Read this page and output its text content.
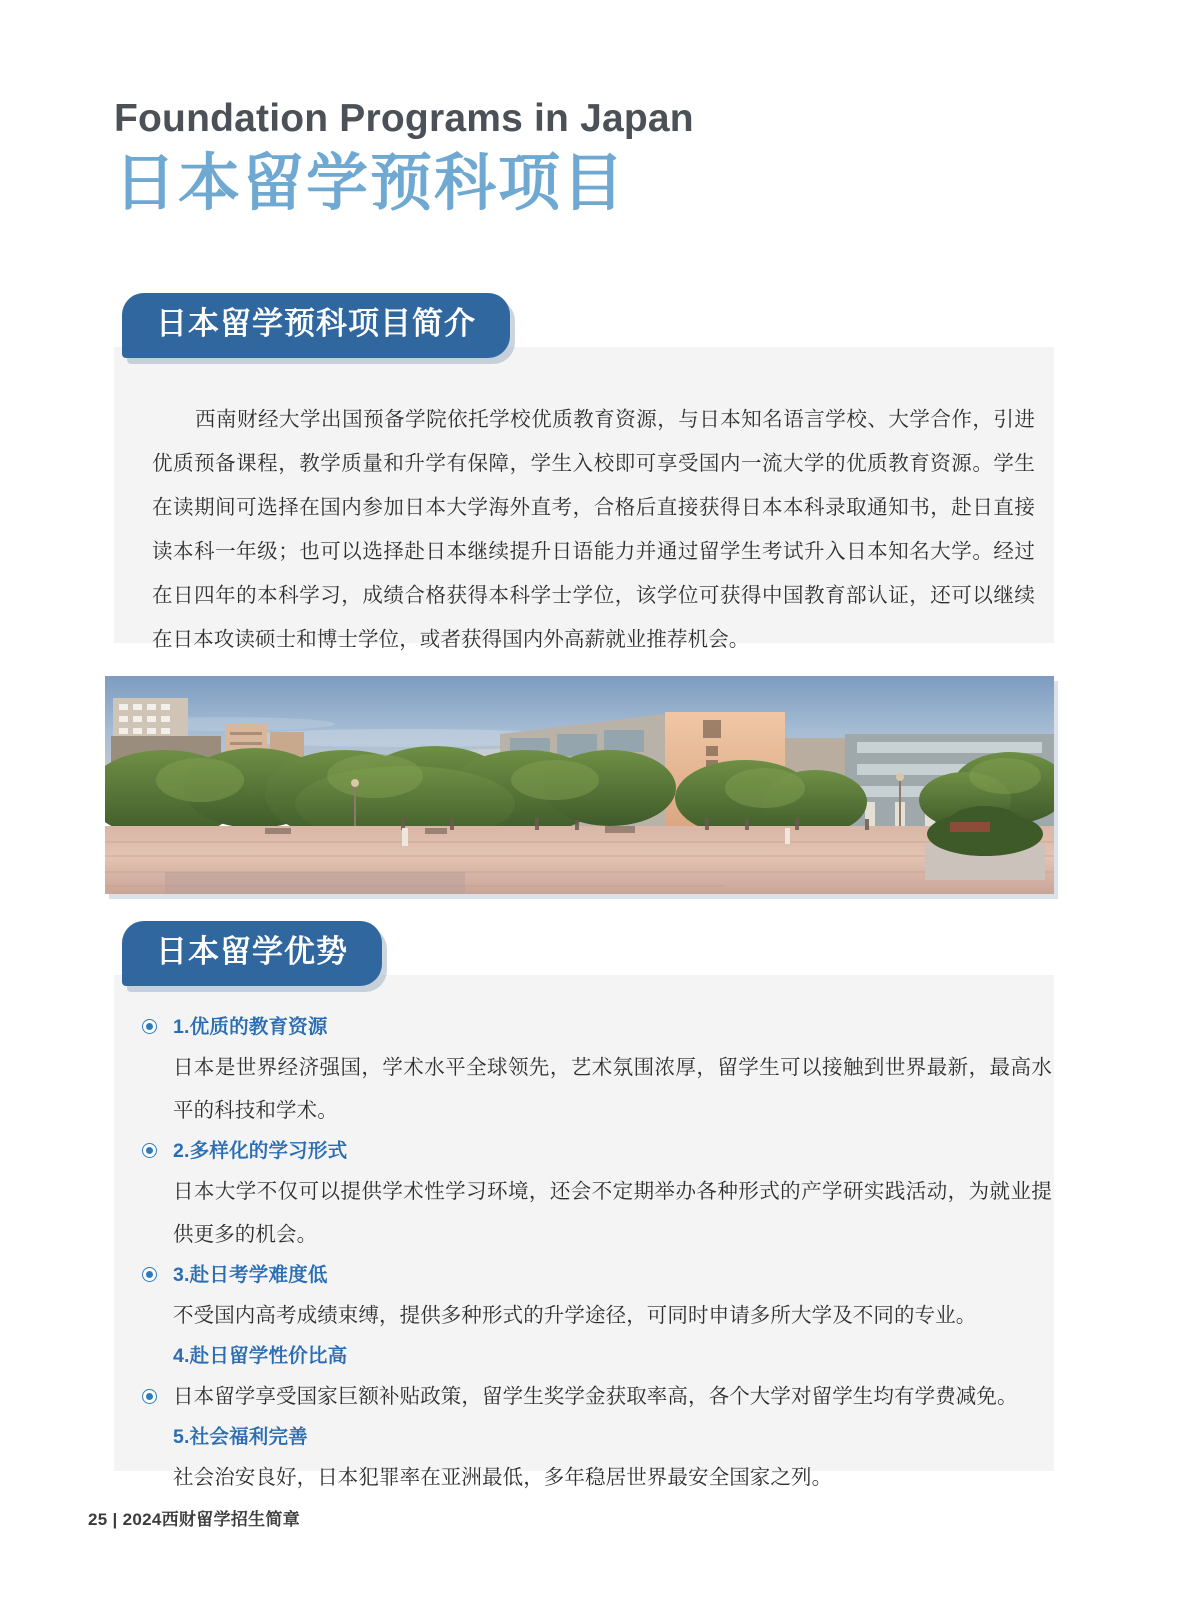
Foundation Programs in Japan
日本留学预科项目
日本留学预科项目简介

西南财经大学出国预备学院依托学校优质教育资源，与日本知名语言学校、大学合作，引进优质预备课程，教学质量和升学有保障，学生入校即可享受国内一流大学的优质教育资源。学生在读期间可选择在国内参加日本大学海外直考，合格后直接获得日本本科录取通知书，赴日直接读本科一年级；也可以选择赴日本继续提升日语能力并通过留学生考试升入日本知名大学。经过在日四年的本科学习，成绩合格获得本科学士学位，该学位可获得中国教育部认证，还可以继续在日本攻读硕士和博士学位，或者获得国内外高薪就业推荐机会。

日本留学优势
1.优质的教育资源
日本是世界经济强国，学术水平全球领先，艺术氛围浓厚，留学生可以接触到世界最新，最高水平的科技和学术。
2.多样化的学习形式
日本大学不仅可以提供学术性学习环境，还会不定期举办各种形式的产学研实践活动，为就业提供更多的机会。
3.赴日考学难度低
不受国内高考成绩束缚，提供多种形式的升学途径，可同时申请多所大学及不同的专业。
4.赴日留学性价比高
日本留学享受国家巨额补贴政策，留学生奖学金获取率高，各个大学对留学生均有学费减免。
5.社会福利完善
社会治安良好，日本犯罪率在亚洲最低，多年稳居世界最安全国家之列。
25 | 2024西财留学招生简章
